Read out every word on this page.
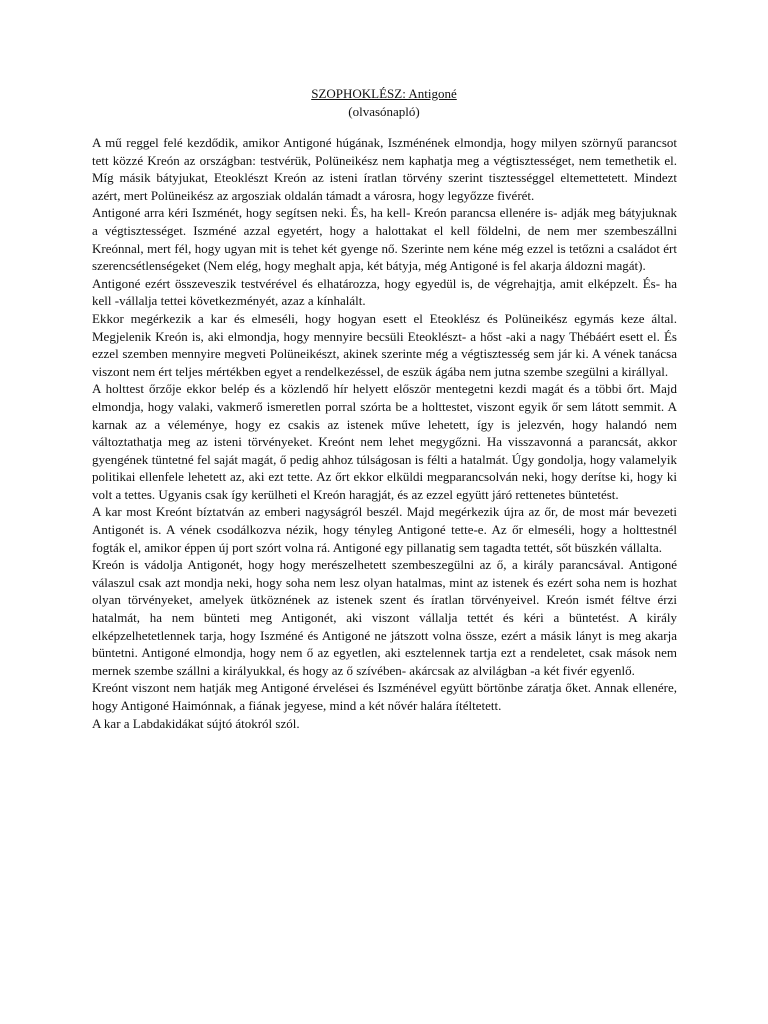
SZOPHOKLÉSZ: Antigoné
(olvasónapló)

A mű reggel felé kezdődik, amikor Antigoné húgának, Iszménének elmondja, hogy milyen szörnyű parancsot tett közzé Kreón az országban: testvérük, Polüneikész nem kaphatja meg a végtisztességet, nem temethetik el. Míg másik bátyjukat, Eteoklészt Kreón az isteni íratlan törvény szerint tisztességgel eltemettetett. Mindezt azért, mert Polüneikész az argosziak oldalán támadt a városra, hogy legyőzze fivérét.

Antigoné arra kéri Iszménét, hogy segítsen neki. És, ha kell- Kreón parancsa ellenére is- adják meg bátyjuknak a végtisztességet. Iszméné azzal egyetért, hogy a halottakat el kell földelni, de nem mer szembeszállni Kreónnal, mert fél, hogy ugyan mit is tehet két gyenge nő. Szerinte nem kéne még ezzel is tetőzni a családot ért szerencsétlenségeket (Nem elég, hogy meghalt apja, két bátyja, még Antigoné is fel akarja áldozni magát).

Antigoné ezért összeveszik testvérével és elhatározza, hogy egyedül is, de végrehajtja, amit elképzelt. És- ha kell -vállalja tettei következményét, azaz a kínhalált.

Ekkor megérkezik a kar és elmeséli, hogy hogyan esett el Eteoklész és Polüneikész egymás keze által. Megjelenik Kreón is, aki elmondja, hogy mennyire becsüli Eteoklészt- a hőst -aki a nagy Thébáért esett el. És ezzel szemben mennyire megveti Polüneikészt, akinek szerinte még a végtisztesség sem jár ki. A vének tanácsa viszont nem ért teljes mértékben egyet a rendelkezéssel, de eszük ágába nem jutna szembe szegülni a királlyal.

A holttest őrzője ekkor belép és a közlendő hír helyett először mentegetni kezdi magát és a többi őrt. Majd elmondja, hogy valaki, vakmerő ismeretlen porral szórta be a holttestet, viszont egyik őr sem látott semmit. A karnak az a véleménye, hogy ez csakis az istenek műve lehetett, így is jelezvén, hogy halandó nem változtathatja meg az isteni törvényeket. Kreónt nem lehet megygőzni. Ha visszavonná a parancsát, akkor gyengének tüntetné fel saját magát, ő pedig ahhoz túlságosan is félti a hatalmát. Úgy gondolja, hogy valamelyik politikai ellenfele lehetett az, aki ezt tette. Az őrt ekkor elküldi megparancsolván neki, hogy derítse ki, hogy ki volt a tettes. Ugyanis csak így kerülheti el Kreón haragját, és az ezzel együtt járó rettenetes büntetést.

A kar most Kreónt bíztatván az emberi nagyságról beszél. Majd megérkezik újra az őr, de most már bevezeti Antigonét is. A vének csodálkozva nézik, hogy tényleg Antigoné tette-e. Az őr elmeséli, hogy a holttestnél fogták el, amikor éppen új port szórt volna rá. Antigoné egy pillanatig sem tagadta tettét, sőt büszkén vállalta.

Kreón is vádolja Antigonét, hogy hogy merészelhetett szembeszegülni az ő, a király parancsával. Antigoné válaszul csak azt mondja neki, hogy soha nem lesz olyan hatalmas, mint az istenek és ezért soha nem is hozhat olyan törvényeket, amelyek ütköznének az istenek szent és íratlan törvényeivel. Kreón ismét féltve érzi hatalmát, ha nem bünteti meg Antigonét, aki viszont vállalja tettét és kéri a büntetést. A király elképzelhetetlennek tarja, hogy Iszméné és Antigoné ne játszott volna össze, ezért a másik lányt is meg akarja büntetni. Antigoné elmondja, hogy nem ő az egyetlen, aki esztelennek tartja ezt a rendeletet, csak mások nem mernek szembe szállni a királyukkal, és hogy az ő szívében- akárcsak az alvilágban -a két fivér egyenlő.

Kreónt viszont nem hatják meg Antigoné érvelései és Iszménével együtt börtönbe záratja őket. Annak ellenére, hogy Antigoné Haimónnak, a fiának jegyese, mind a két nővér halára ítéltetett.

A kar a Labdakidákat sújtó átokról szól.
